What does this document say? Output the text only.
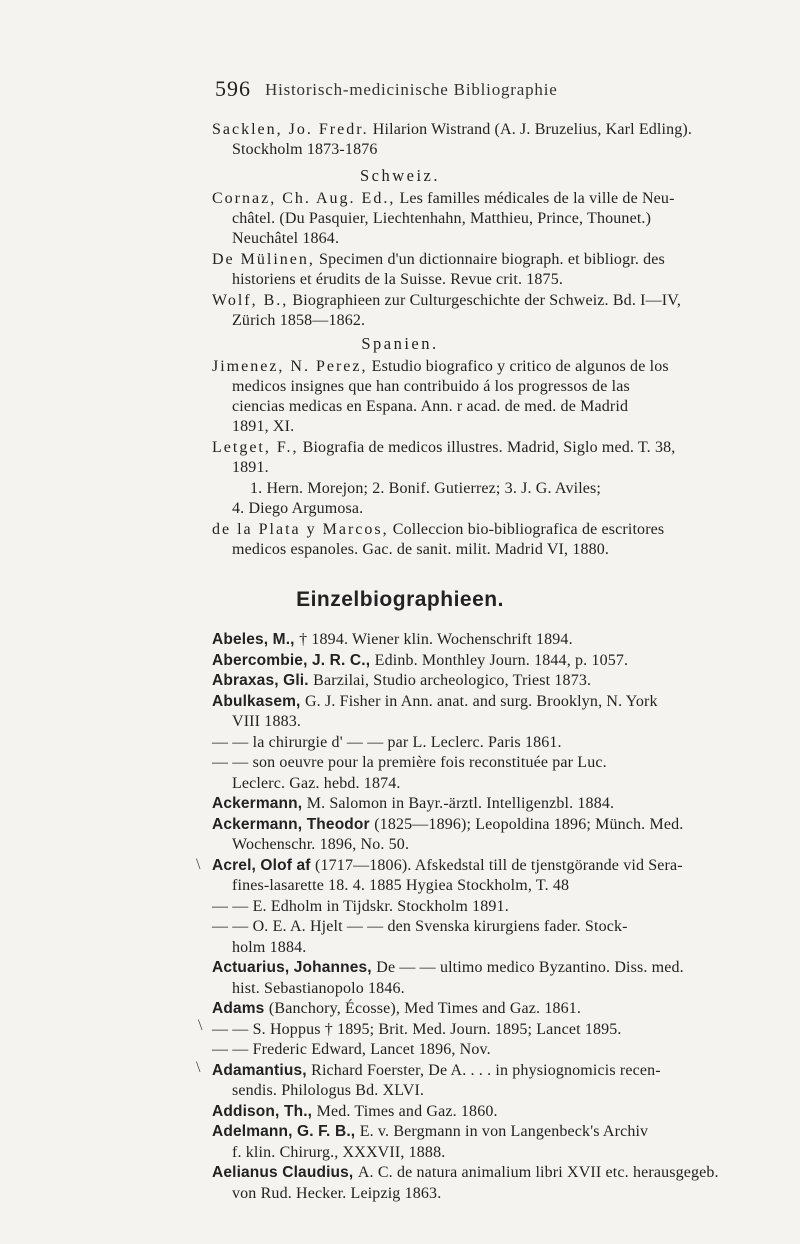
596 Historisch-medicinische Bibliographie
Sacklen, Jo. Fredr. Hilarion Wistrand (A. J. Bruzelius, Karl Edling).
Stockholm 1873-1876
Schweiz.
Cornaz, Ch. Aug. Ed., Les familles médicales de la ville de Neu-
châtel. (Du Pasquier, Liechtenhahn, Matthieu, Prince, Thounet.)
Neuchâtel 1864.
De Mülinen, Specimen d'un dictionnaire biograph. et bibliogr. des
historiens et érudits de la Suisse. Revue crit. 1875.
Wolf, B., Biographieen zur Culturgeschichte der Schweiz. Bd. I—IV,
Zürich 1858—1862.
Spanien.
Jimenez, N. Perez, Estudio biografico y critico de algunos de los
medicos insignes que han contribuido á los progressos de las
ciencias medicas en Espana. Ann. r acad. de med. de Madrid
1891, XI.
Letget, F., Biografia de medicos illustres. Madrid, Siglo med. T. 38,
1891.
1. Hern. Morejon; 2. Bonif. Gutierrez; 3. J. G. Aviles;
4. Diego Argumosa.
de la Plata y Marcos, Colleccion bio-bibliografica de escritores
medicos espanoles. Gac. de sanit. milit. Madrid VI, 1880.
Einzelbiographieen.
Abeles, M., † 1894. Wiener klin. Wochenschrift 1894.
Abercombie, J. R. C., Edinb. Monthley Journ. 1844, p. 1057.
Abraxas, Gli. Barzilai, Studio archeologico, Triest 1873.
Abulkasem, G. J. Fisher in Ann. anat. and surg. Brooklyn, N. York
VIII 1883.
— — la chirurgie d' — — par L. Leclerc. Paris 1861.
— — son oeuvre pour la première fois reconstituée par Luc.
Leclerc. Gaz. hebd. 1874.
Ackermann, M. Salomon in Bayr.-ärztl. Intelligenzbl. 1884.
Ackermann, Theodor (1825—1896); Leopoldina 1896; Münch. Med.
Wochenschr. 1896, No. 50.
Acrel, Olof af (1717—1806). Afskedstal till de tjenstgörande vid Sera-
fines-lasarette 18. 4. 1885 Hygiea Stockholm, T. 48
— — E. Edholm in Tijdskr. Stockholm 1891.
— — O. E. A. Hjelt — — den Svenska kirurgiens fader. Stock-
holm 1884.
Actuarius, Johannes, De — — ultimo medico Byzantino. Diss. med.
hist. Sebastianopolo 1846.
Adams (Banchory, Écosse), Med Times and Gaz. 1861.
— — S. Hoppus † 1895; Brit. Med. Journ. 1895; Lancet 1895.
— — Frederic Edward, Lancet 1896, Nov.
Adamantius, Richard Foerster, De A. . . . in physiognomicis recen-
sendis. Philologus Bd. XLVI.
Addison, Th., Med. Times and Gaz. 1860.
Adelmann, G. F. B., E. v. Bergmann in von Langenbeck's Archiv
f. klin. Chirurg., XXXVII, 1888.
Aelianus Claudius, A. C. de natura animalium libri XVII etc. herausgegeb.
von Rud. Hecker. Leipzig 1863.
\
\
\
